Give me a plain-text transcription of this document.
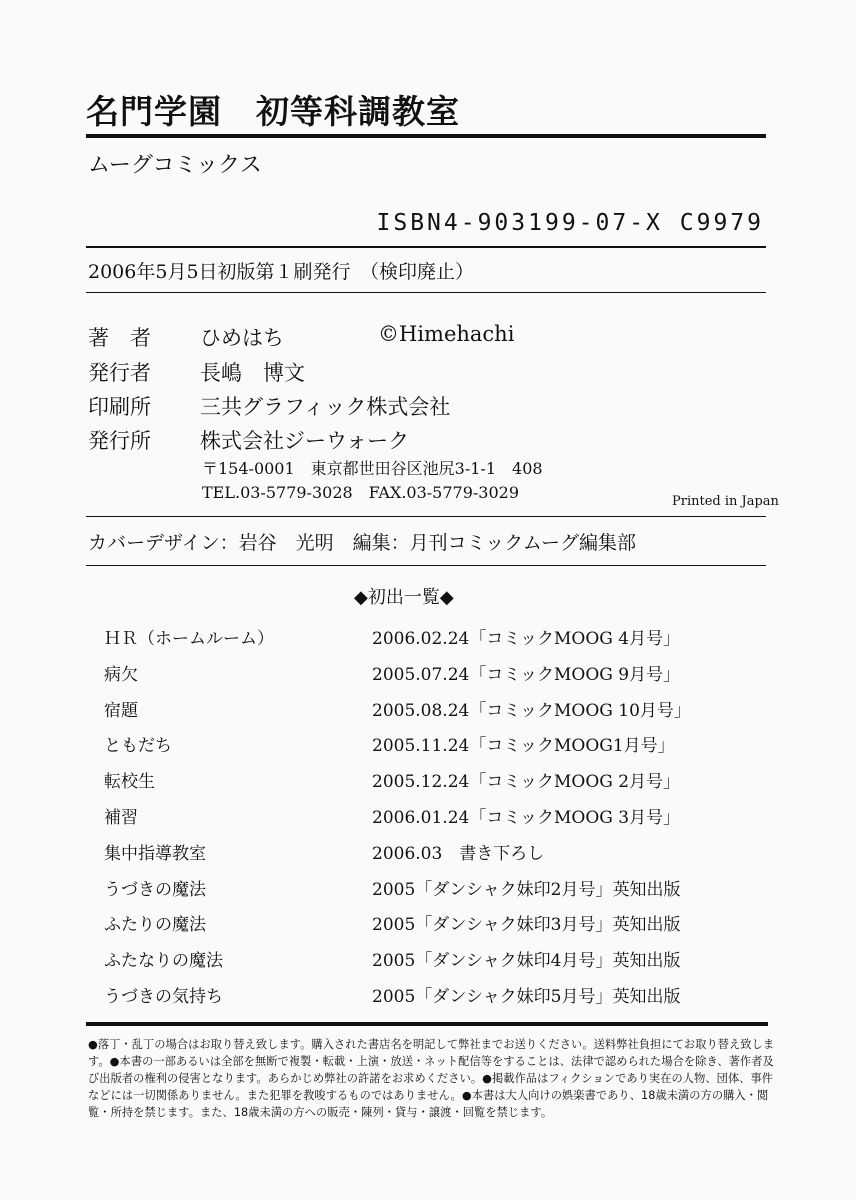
名門学園　初等科調教室
ムーグコミックス
ISBN4-903199-07-X C9979
2006年5月5日初版第１刷発行　（検印廃止）
著　者 ひめはち	©Himehachi
発行者 長嶋　博文
印刷所 三共グラフィック株式会社
発行所 株式会社ジーウォーク
〒154-0001　東京都世田谷区池尻3-1-1　408
TEL.03-5779-3028　FAX.03-5779-3029	Printed in Japan
カバーデザイン：岩谷　光明　編集：月刊コミックムーグ編集部
◆初出一覧◆
ＨＲ（ホームルーム）	2006.02.24「コミックMOOG 4月号」
病欠	2005.07.24「コミックMOOG 9月号」
宿題	2005.08.24「コミックMOOG 10月号」
ともだち	2005.11.24「コミックMOOG1月号」
転校生	2005.12.24「コミックMOOG 2月号」
補習	2006.01.24「コミックMOOG 3月号」
集中指導教室	2006.03　書き下ろし
うづきの魔法	2005「ダンシャク妹印2月号」英知出版
ふたりの魔法	2005「ダンシャク妹印3月号」英知出版
ふたなりの魔法	2005「ダンシャク妹印4月号」英知出版
うづきの気持ち	2005「ダンシャク妹印5月号」英知出版
●落丁・乱丁の場合はお取り替え致します。購入された書店名を明記して弊社までお送りください。送料弊社負担にてお取り替え致します。●本書の一部あるいは全部を無断で複製・転載・上演・放送・ネット配信等をすることは、法律で認められた場合を除き、著作者及び出版者の権利の侵害となります。あらかじめ弊社の許諾をお求めください。●掲載作品はフィクションであり実在の人物、団体、事件などには一切関係ありません。また犯罪を教唆するものではありません。●本書は大人向けの娯楽書であり、18歳未満の方の購入・閲覧・所持を禁じます。また、18歳未満の方への販売・陳列・貸与・譲渡・回覧を禁じます。
